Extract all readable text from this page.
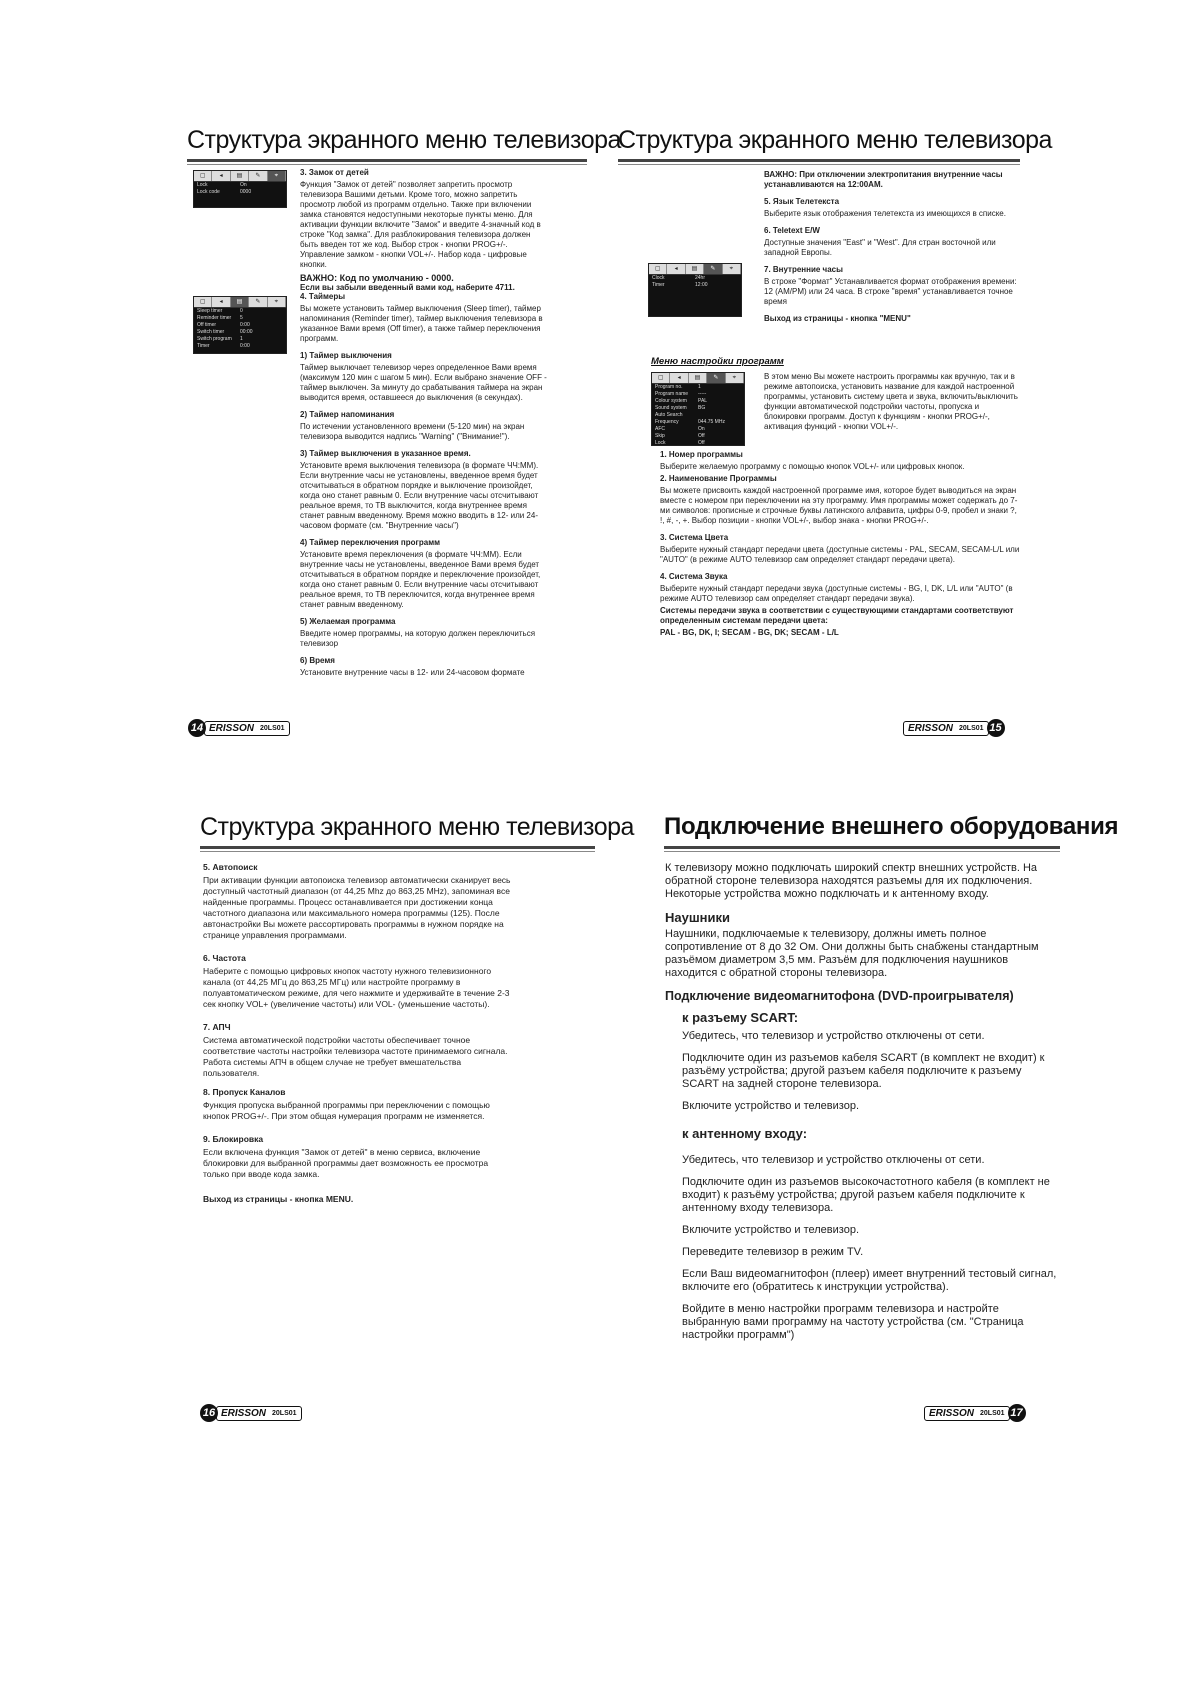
Структура экранного меню телевизора
▢	◂	▤	✎	⌖
Lock	On
Lock code	0000

3. Замок от детей

Функция "Замок от детей" позволяет запретить просмотр телевизора Вашими детьми. Кроме того, можно запретить просмотр любой из программ отдельно. Также при включении замка становятся недоступными некоторые пункты меню. Для активации функции включите "Замок" и введите 4-значный код в строке "Код замка". Для разблокирования телевизора должен быть введен тот же код. Выбор строк - кнопки PROG+/-. Управление замком - кнопки VOL+/-. Набор кода - цифровые кнопки.

ВАЖНО: Код по умолчанию - 0000.

Если вы забыли введенный вами код, наберите 4711.

▢	◂	▤	✎	⌖
Sleep timer	0
Reminder timer	5
Off timer	0:00
Switch timer	00:00
Switch program	1
Timer	0:00

4. Таймеры

Вы можете установить таймер выключения (Sleep timer), таймер напоминания (Reminder timer), таймер выключения телевизора в указанное Вами время (Off timer), а также таймер переключения программ.

1) Таймер выключения

Таймер выключает телевизор через определенное Вами время (максимум 120 мин с шагом 5 мин). Если выбрано значение OFF - таймер выключен. За минуту до срабатывания таймера на экран выводится время, оставшееся до выключения (в секундах).

2) Таймер напоминания

По истечении установленного времени (5-120 мин) на экран телевизора выводится надпись "Warning" ("Внимание!").

3) Таймер выключения в указанное время.

Установите время выключения телевизора (в формате ЧЧ:ММ). Если внутренние часы не установлены, введенное время будет отсчитываться в обратном порядке и выключение произойдет, когда оно станет равным 0. Если внутренние часы отсчитывают реальное время, то ТВ выключится, когда внутреннее время станет равным введенному. Время можно вводить в 12- или 24-часовом формате (см. "Внутренние часы")

4) Таймер переключения программ

Установите время переключения (в формате ЧЧ:ММ). Если внутренние часы не установлены, введенное Вами время будет отсчитываться в обратном порядке и переключение произойдет, когда оно станет равным 0. Если внутренние часы отсчитывают реальное время, то ТВ переключится, когда внутреннее время станет равным введенному.

5) Желаемая программа

Введите номер программы, на которую должен переключиться телевизор

6) Время

Установите внутренние часы в 12- или 24-часовом формате

14 ERISSON 20LS01
Структура экранного меню телевизора

ВАЖНО: При отключении электропитания внутренние часы устанавливаются на 12:00AM.

5. Язык Телетекста

Выберите язык отображения телетекста из имеющихся в списке.

6. Teletext E/W

Доступные значения "East" и "West". Для стран восточной или западной Европы.

7. Внутренние часы

В строке "Формат" Устанавливается формат отображения времени: 12 (AM/PM) или 24 часа. В строке "время" устанавливается точное время

Выход из страницы - кнопка "MENU"

▢	◂	▤	✎	⌖
Clock	24hr
Timer	12:00
Меню настройки программ
▢	◂	▤	✎	⌖
Program no.	1
Program name	-----
Colour system	PAL
Sound system	BG
Auto Search
Frequency	044.75 MHz
AFC	On
Skip	Off
Lock	Off
В этом меню Вы можете настроить программы как вручную, так и в режиме автопоиска, установить название для каждой настроенной программы, установить систему цвета и звука, включить/выключить функции автоматической подстройки частоты, пропуска и блокировки программ. Доступ к функциям - кнопки PROG+/-, активация функций - кнопки VOL+/-.

1. Номер программы

Выберите желаемую программу с помощью кнопок VOL+/- или цифровых кнопок.

2. Наименование Программы

Вы можете присвоить каждой настроенной программе имя, которое будет выводиться на экран вместе с номером при переключении на эту программу. Имя программы может содержать до 7-ми символов: прописные и строчные буквы латинского алфавита, цифры 0-9, пробел и знаки ?, !, #, -, +. Выбор позиции - кнопки VOL+/-, выбор знака - кнопки PROG+/-.

3. Система Цвета

Выберите нужный стандарт передачи цвета (доступные системы - PAL, SECAM, SECAM-L/L или "AUTO" (в режиме AUTO телевизор сам определяет стандарт передачи цвета).

4. Система Звука

Выберите нужный стандарт передачи звука (доступные системы - BG, I, DK, L/L или "AUTO" (в режиме AUTO телевизор сам определяет стандарт передачи звука).

Системы передачи звука в соответствии с существующими стандартами соответствуют определенным системам передачи цвета:

PAL - BG, DK, I; SECAM - BG, DK; SECAM - L/L

ERISSON 20LS01 15
Структура экранного меню телевизора

5. Автопоиск

При активации функции автопоиска телевизор автоматически сканирует весь доступный частотный диапазон (от 44,25 Mhz до 863,25 MHz), запоминая все найденные программы. Процесс останавливается при достижении конца частотного диапазона или максимального номера программы (125). После автонастройки Вы можете рассортировать программы в нужном порядке на странице управления программами.

6. Частота

Наберите с помощью цифровых кнопок частоту нужного телевизионного канала (от 44,25 МГц до 863,25 МГц) или настройте программу в полуавтоматическом режиме, для чего нажмите и удерживайте в течение 2-3 сек кнопку VOL+ (увеличение частоты) или VOL- (уменьшение частоты).

7. АПЧ

Система автоматической подстройки частоты обеспечивает точное соответствие частоты настройки телевизора частоте принимаемого сигнала. Работа системы АПЧ в общем случае не требует вмешательства пользователя.

8. Пропуск Каналов

Функция пропуска выбранной программы при переключении с помощью кнопок PROG+/-. При этом общая нумерация программ не изменяется.

9. Блокировка

Если включена функция "Замок от детей" в меню сервиса, включение блокировки для выбранной программы дает возможность ее просмотра только при вводе кода замка.

Выход из страницы - кнопка MENU.

16 ERISSON 20LS01
Подключение внешнего оборудования

К телевизору можно подключать широкий спектр внешних устройств. На обратной стороне телевизора находятся разъемы для их подключения. Некоторые устройства можно подключать и к антенному входу.

Наушники

Наушники, подключаемые к телевизору, должны иметь полное сопротивление от 8 до 32 Ом. Они должны быть снабжены стандартным разъёмом диаметром 3,5 мм. Разъём для подключения наушников находится с обратной стороны телевизора.

Подключение видеомагнитофона (DVD-проигрывателя)

к разъему SCART:

Убедитесь, что телевизор и устройство отключены от сети.

Подключите один из разъемов кабеля SCART (в комплект не входит) к разъёму устройства; другой разъем кабеля подключите к разъему SCART на задней стороне телевизора.

Включите устройство и телевизор.

к антенному входу:

Убедитесь, что телевизор и устройство отключены от сети.

Подключите один из разъемов высокочастотного кабеля (в комплект не входит) к разъёму устройства; другой разъем кабеля подключите к антенному входу телевизора.

Включите устройство и телевизор.

Переведите телевизор в режим TV.

Если Ваш видеомагнитофон (плеер) имеет внутренний тестовый сигнал, включите его (обратитесь к инструкции устройства).

Войдите в меню настройки программ телевизора и настройте выбранную вами программу на частоту устройства (см. "Страница настройки программ")

ERISSON 20LS01 17
